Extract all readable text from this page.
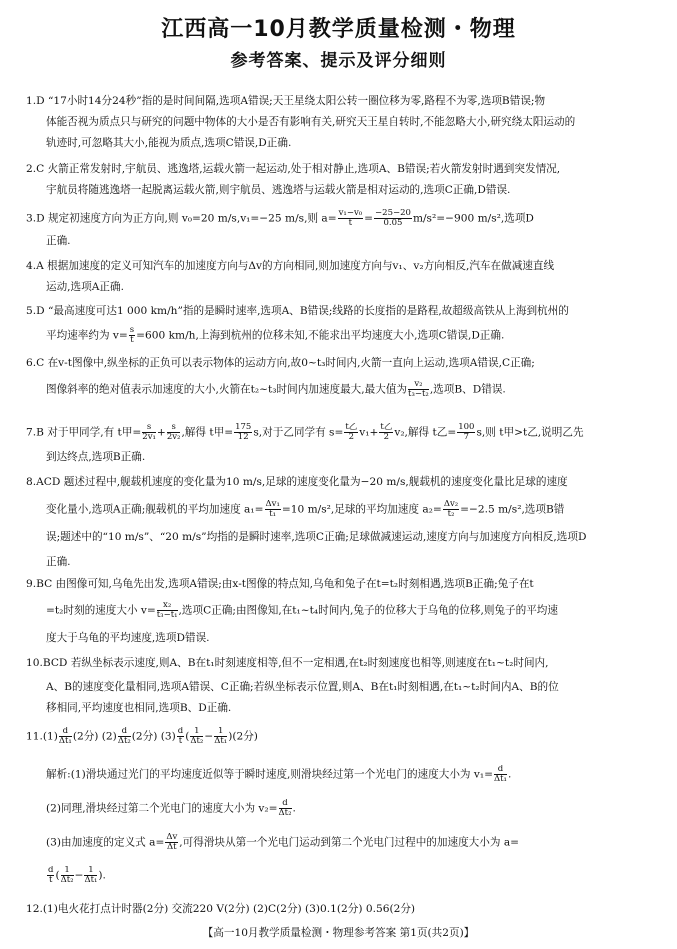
江西高一10月教学质量检测・物理
参考答案、提示及评分细则
1.D “17小时14分24秒”指的是时间间隔,选项A错误;天王星绕太阳公转一圈位移为零,路程不为零,选项B错误;物
体能否视为质点只与研究的问题中物体的大小是否有影响有关,研究天王星自转时,不能忽略大小,研究绕太阳运动的
轨迹时,可忽略其大小,能视为质点,选项C错误,D正确.
2.C 火箭正常发射时,宇航员、逃逸塔,运载火箭一起运动,处于相对静止,选项A、B错误;若火箭发射时遇到突发情况,
宇航员将随逃逸塔一起脱离运载火箭,则宇航员、逃逸塔与运载火箭是相对运动的,选项C正确,D错误.
3.D 规定初速度方向为正方向,则 v₀=20 m/s,v₁=−25 m/s,则 $a= \frac{\text{v₁−v₀}}{t} = \frac{-25-20}{0.05} m/s^2=-900$ m/s²,选项D
正确.
4.A 根据加速度的定义可知汽车的加速度方向与Δv的方向相同,则加速度方向与v₁、v₂方向相反,汽车在做减速直线
运动,选项A正确.
5.D “最高速度可达1 000 km/h”指的是瞬时速率,选项A、B错误;线路的长度指的是路程,故超级高铁从上海到杭州的
平均速率约为 $v= \frac{s}{t} =600$ km/h,上海到杭州的位移未知,不能求出平均速度大小,选项C错误,D正确.
6.C 在v-t图像中,纵坐标的正负可以表示物体的运动方向,故0~t₃时间内,火箭一直向上运动,选项A错误,C正确;
图像斜率的绝对值表示加速度的大小,火箭在t₂~t₃时间内加速度最大,最大值为 $\frac{\text{v₂}}{\text{t₃−t₂}}$ ,选项B、D错误.
7.B 对于甲同学,有 t甲= $\frac{s}{\text{2v₁}} + \frac{s}{\text{2v₂}}$ ,解得 t甲= $\frac{175}{12} s$,对于乙同学有 $s= \frac{\text{t乙}}{2} v_1+ \frac{\text{t乙}}{2} v_2$,解得 t乙= $\frac{100}{7} s$,则 t甲>t乙,说明乙先
到达终点,选项B正确.
8.ACD 题述过程中,舰载机速度的变化量为10 m/s,足球的速度变化量为−20 m/s,舰载机的速度变化量比足球的速度
变化量小,选项A正确;舰载机的平均加速度 $a_1= \frac{\text{Δv₁}}{\text{t₁}} =10$ m/s²,足球的平均加速度 $a_2= \frac{\text{Δv₂}}{\text{t₂}} =-2.5$ m/s²,选项B错
误;题述中的“10 m/s”、“20 m/s”均指的是瞬时速率,选项C正确;足球做减速运动,速度方向与加速度方向相反,选项D
正确.
9.BC 由图像可知,乌龟先出发,选项A错误;由x-t图像的特点知,乌龟和兔子在t=t₂时刻相遇,选项B正确;兔子在t
=t₂时刻的速度大小 $v= \frac{\text{x₂}}{\text{t₃−t₁}}$ ,选项C正确;由图像知,在t₁~t₄时间内,兔子的位移大于乌龟的位移,则兔子的平均速
度大于乌龟的平均速度,选项D错误.
10.BCD 若纵坐标表示速度,则A、B在t₁时刻速度相等,但不一定相遇,在t₂时刻速度也相等,则速度在t₁~t₂时间内,
A、B的速度变化量相同,选项A错误、C正确;若纵坐标表示位置,则A、B在t₁时刻相遇,在t₁~t₂时间内A、B的位
移相同,平均速度也相同,选项B、D正确.
$11.(1) \frac{d}{\text{Δt₁}} (2$分) $(2) \frac{d}{\text{Δt₂}} (2$分) $(3) \frac{d}{t}$ ( $\frac{1}{\text{Δt₂}} - \frac{1}{\text{Δt₁}} )(2$分)
解析:(1)滑块通过光门的平均速度近似等于瞬时速度,则滑块经过第一个光电门的速度大小为 $v_1= \frac{d}{\text{Δt₁}}$ .
(2)同理,滑块经过第二个光电门的速度大小为 $v_2= \frac{d}{\text{Δt₂}}$ .
(3)由加速度的定义式 $a= \frac{\Delta v}{\Delta t}$ ,可得滑块从第一个光电门运动到第二个光电门过程中的加速度大小为 a=
$\frac{d}{t}$ ( $\frac{1}{\text{Δt₂}} - \frac{1}{\text{Δt₁}}$ ).
12.(1)电火花打点计时器(2分) 交流220 V(2分) (2)C(2分) (3)0.1(2分) 0.56(2分)
【高一10月教学质量检测・物理参考答案 第1页(共2页)】
